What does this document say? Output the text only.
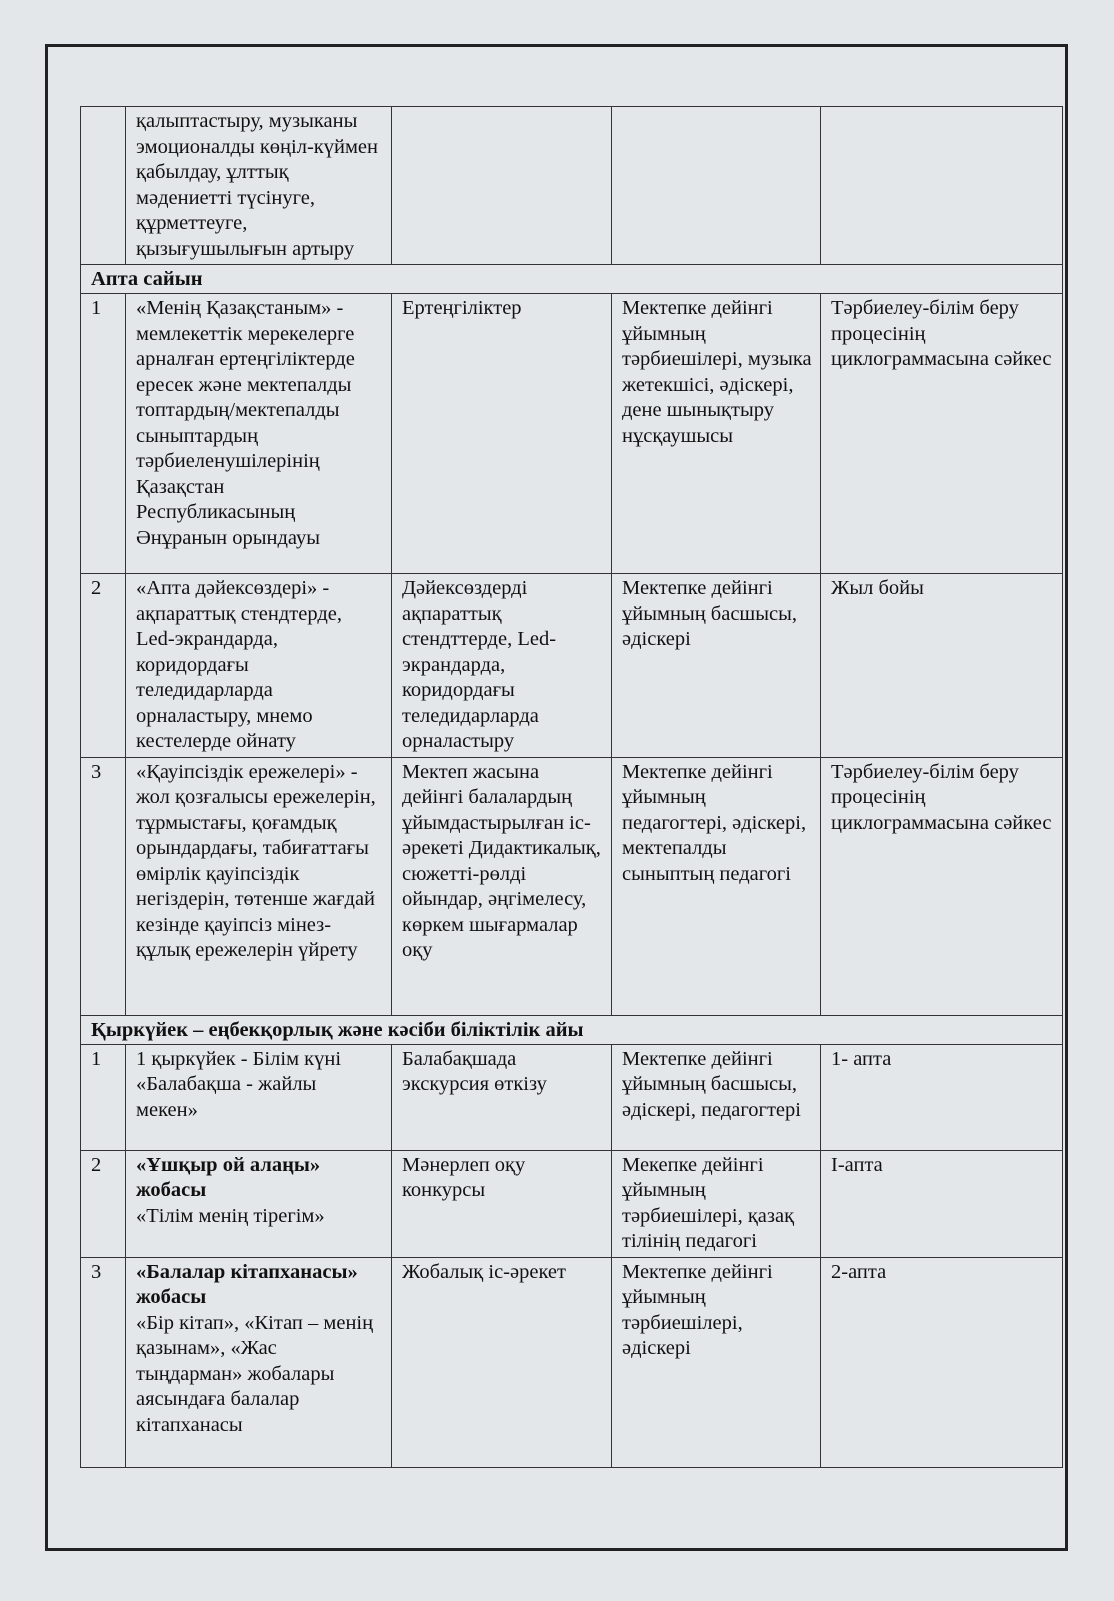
	қалыптастыру, музыканы эмоционалды көңіл-күймен қабылдау, ұлттық мәдениетті түсінуге, құрметтеуге, қызығушылығын артыру			

Апта сайын				
1	«Менің Қазақстаным» - мемлекеттік мерекелерге арналған ертеңгіліктерде ересек және мектепалды топтардың/мектепалды сыныптардың тәрбиеленушілерінің Қазақстан Республикасының Әнұранын орындауы	Ертеңгіліктер	Мектепке дейінгі ұйымның тәрбиешілері, музыка жетекшісі, әдіскері, дене шынықтыру нұсқаушысы	Тәрбиелеу-білім беру процесінің циклограммасына сәйкес
2	«Апта дәйексөздері» - ақпараттық стендтерде, Led-экрандарда, коридордағы теледидарларда орналастыру, мнемо кестелерде ойнату	Дәйексөздерді ақпараттық стендттерде, Led-экрандарда, коридордағы теледидарларда орналастыру	Мектепке дейінгі ұйымның басшысы, әдіскері	Жыл бойы
3	«Қауіпсіздік ережелері» - жол қозғалысы ережелерін, тұрмыстағы, қоғамдық орындардағы, табиғаттағы өмірлік қауіпсіздік негіздерін, төтенше жағдай кезінде қауіпсіз мінез-құлық ережелерін үйрету	Мектеп жасына дейінгі балалардың ұйымдастырылған іс-әрекеті Дидактикалық, сюжетті-рөлді ойындар, әңгімелесу, көркем шығармалар оқу	Мектепке дейінгі ұйымның педагогтері, әдіскері, мектепалды сыныптың педагогі	Тәрбиелеу-білім беру процесінің циклограммасына сәйкес
Қыркүйек – еңбекқорлық және кәсіби біліктілік айы				
1	1 қыркүйек - Білім күні «Балабақша - жайлы мекен»	Балабақшада экскурсия өткізу	Мектепке дейінгі ұйымның басшысы, әдіскері, педагогтері	1- апта
2	«Ұшқыр ой алаңы» жобасы
«Тілім менің тірегім»	Мәнерлеп оқу конкурсы	Мекепке дейінгі ұйымның тәрбиешілері, қазақ тілінің педагогі	І-апта
3	«Балалар кітапханасы» жобасы
«Бір кітап», «Кітап – менің қазынам», «Жас тыңдарман» жобалары аясындаға балалар кітапханасы	Жобалық іс-әрекет	Мектепке дейінгі ұйымның тәрбиешілері, әдіскері	2-апта
